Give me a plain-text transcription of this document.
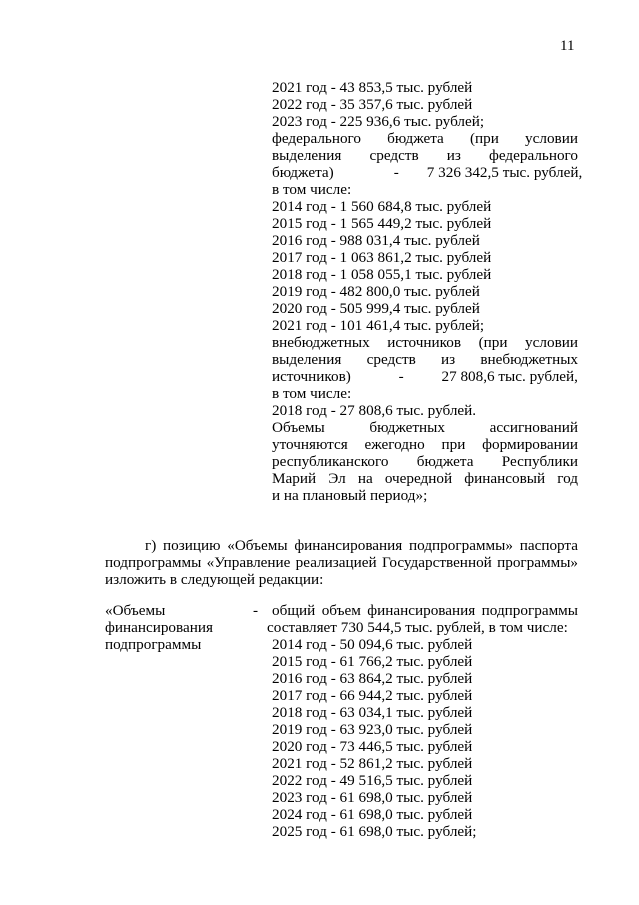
11
2021 год - 43 853,5 тыс. рублей
2022 год - 35 357,6 тыс. рублей
2023 год - 225 936,6 тыс. рублей;
федерального бюджета (при условии
выделения средств из федерального
бюджета)	- 7 326 342,5 тыс. рублей,
в том числе:
2014 год - 1 560 684,8 тыс. рублей
2015 год - 1 565 449,2 тыс. рублей
2016 год - 988 031,4 тыс. рублей
2017 год - 1 063 861,2 тыс. рублей
2018 год - 1 058 055,1 тыс. рублей
2019 год - 482 800,0 тыс. рублей
2020 год - 505 999,4 тыс. рублей
2021 год - 101 461,4 тыс. рублей;
внебюджетных источников (при условии
выделения средств из внебюджетных
источников)	- 27 808,6 тыс. рублей,
в том числе:
2018 год - 27 808,6 тыс. рублей.
Объемы бюджетных ассигнований
уточняются ежегодно при формировании
республиканского бюджета Республики
Марий Эл на очередной финансовый год
и на плановый период»;
г) позицию «Объемы финансирования подпрограммы» паспорта
подпрограммы «Управление реализацией Государственной программы»
изложить в следующей редакции:
«Объемы
финансирования
подпрограммы
- общий объем финансирования подпрограммы
составляет 730 544,5 тыс. рублей, в том числе:
2014 год - 50 094,6 тыс. рублей
2015 год - 61 766,2 тыс. рублей
2016 год - 63 864,2 тыс. рублей
2017 год - 66 944,2 тыс. рублей
2018 год - 63 034,1 тыс. рублей
2019 год - 63 923,0 тыс. рублей
2020 год - 73 446,5 тыс. рублей
2021 год - 52 861,2 тыс. рублей
2022 год - 49 516,5 тыс. рублей
2023 год - 61 698,0 тыс. рублей
2024 год - 61 698,0 тыс. рублей
2025 год - 61 698,0 тыс. рублей;
